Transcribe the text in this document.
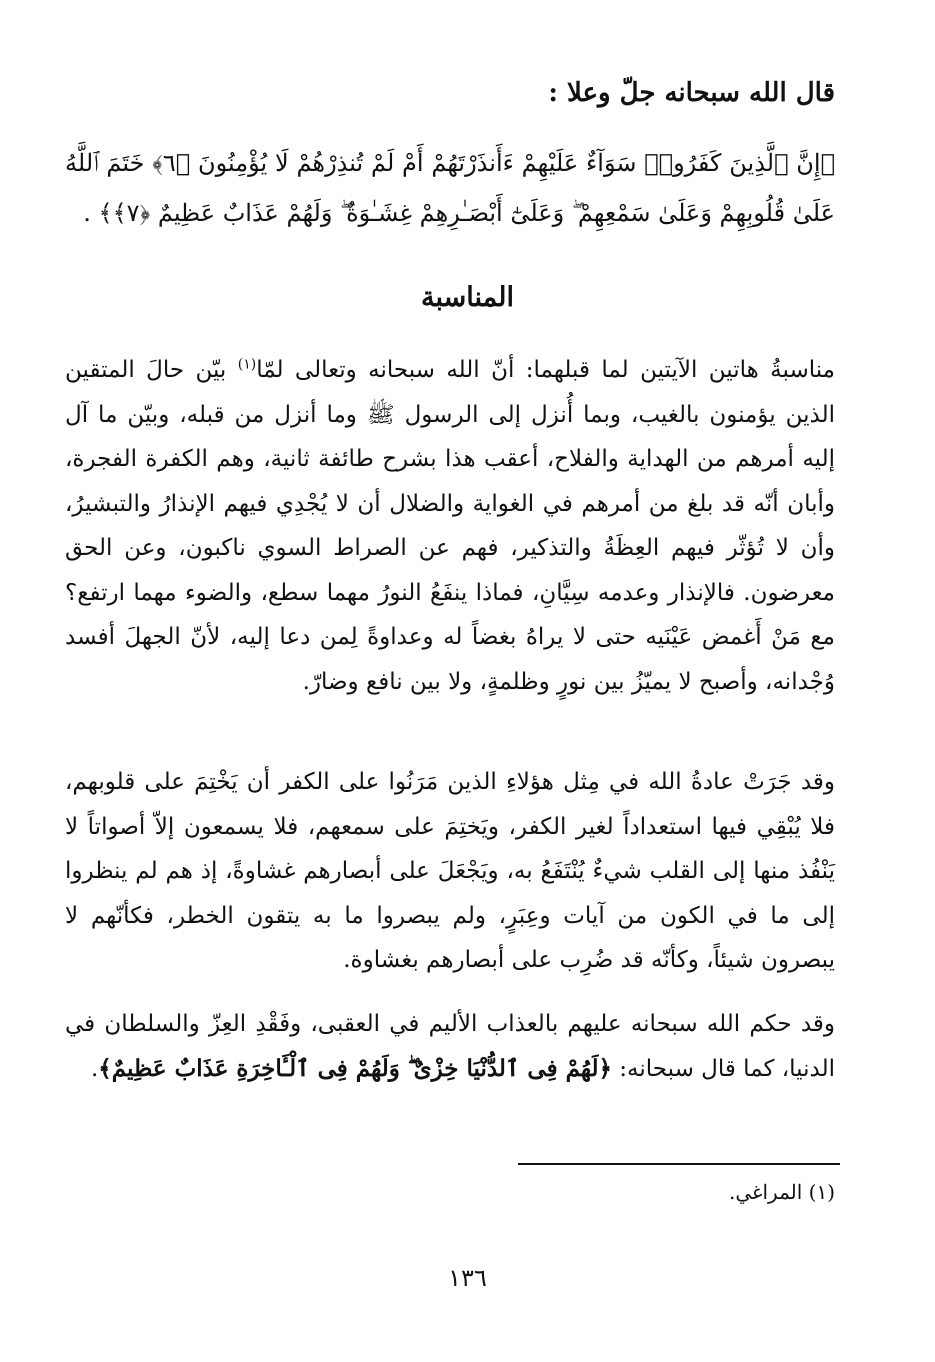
قال الله سبحانه جلّ وعلا :
﴿إِنَّ ٱلَّذِينَ كَفَرُوا۟ سَوَآءٌ عَلَيْهِمْ ءَأَنذَرْتَهُمْ أَمْ لَمْ تُنذِرْهُمْ لَا يُؤْمِنُونَ ﴿٦﴾ خَتَمَ ٱللَّهُ عَلَىٰ قُلُوبِهِمْ وَعَلَىٰ سَمْعِهِمْ ۖ وَعَلَىٰٓ أَبْصَـٰرِهِمْ غِشَـٰوَةٌ ۖ وَلَهُمْ عَذَابٌ عَظِيمٌ ﴿٧﴾﴾ .
المناسبة
مناسبةُ هاتين الآيتين لما قبلهما: أنّ الله سبحانه وتعالى لمّا$^{(١)}$ بيّن حالَ المتقين الذين يؤمنون بالغيب، وبما أُنزل إلى الرسول ﷺ وما أنزل من قبله، وبيّن ما آل إليه أمرهم من الهداية والفلاح، أعقب هذا بشرح طائفة ثانية، وهم الكفرة الفجرة، وأبان أنّه قد بلغ من أمرهم في الغواية والضلال أن لا يُجْدِي فيهم الإنذارُ والتبشيرُ، وأن لا تُؤثّر فيهم العِظَةُ والتذكير، فهم عن الصراط السوي ناكبون، وعن الحق معرضون. فالإنذار وعدمه سِيَّانِ، فماذا ينفَعُ النورُ مهما سطع، والضوء مهما ارتفع؟ مع مَنْ أَغمض عَيْنَيه حتى لا يراهُ بغضاً له وعداوةً لِمن دعا إليه، لأنّ الجهلَ أفسد وُجْدانه، وأصبح لا يميّزُ بين نورٍ وظلمةٍ، ولا بين نافع وضارّ.
وقد جَرَتْ عادةُ الله في مِثل هؤلاءِ الذين مَرَنُوا على الكفر أن يَخْتِمَ على قلوبهم، فلا يُبْقِي فيها استعداداً لغير الكفر، ويَختِمَ على سمعهم، فلا يسمعون إلاّ أصواتاً لا يَنْفُذ منها إلى القلب شيءٌ يُنْتَفَعُ به، ويَجْعَلَ على أبصارهم غشاوةً، إذ هم لم ينظروا إلى ما في الكون من آيات وعِبَرٍ، ولم يبصروا ما به يتقون الخطر، فكأنّهم لا يبصرون شيئاً، وكأنّه قد ضُرِب على أبصارهم بغشاوة.
وقد حكم الله سبحانه عليهم بالعذاب الأليم في العقبى، وفَقْدِ العِزّ والسلطان في الدنيا، كما قال سبحانه: ﴿لَهُمْ فِى ٱلدُّنْيَا خِزْىٌ ۖ وَلَهُمْ فِى ٱلْـَٔاخِرَةِ عَذَابٌ عَظِيمٌ﴾.
(١) المراغي.
١٣٦
